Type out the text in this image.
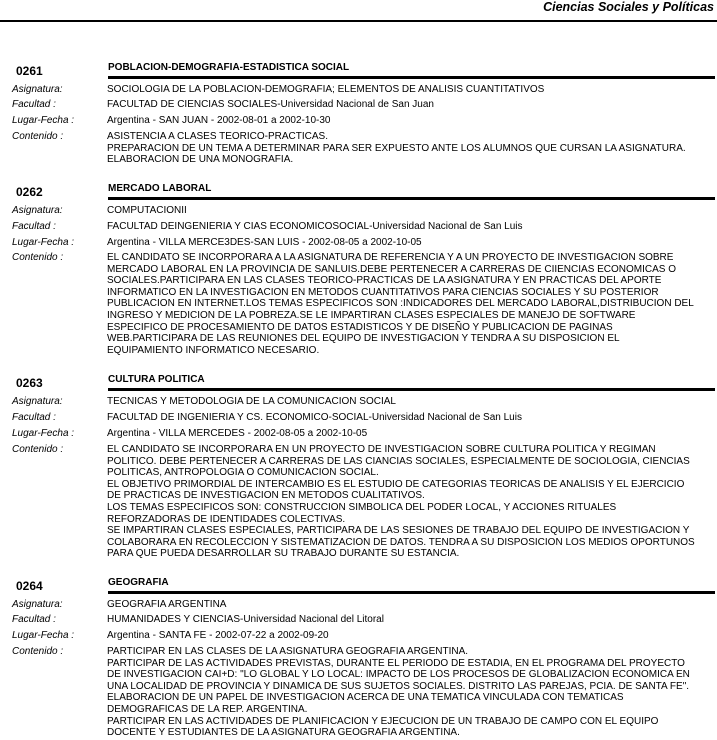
Ciencias Sociales y Políticas
0261	POBLACION-DEMOGRAFIA-ESTADISTICA SOCIAL
Asignatura:	SOCIOLOGIA DE LA POBLACION-DEMOGRAFIA; ELEMENTOS DE ANALISIS CUANTITATIVOS
Facultad :	FACULTAD DE CIENCIAS SOCIALES-Universidad Nacional de San Juan
Lugar-Fecha :	Argentina - SAN JUAN - 2002-08-01 a 2002-10-30
Contenido :	ASISTENCIA A CLASES TEORICO-PRACTICAS.
PREPARACION DE UN TEMA A DETERMINAR PARA SER EXPUESTO ANTE LOS ALUMNOS QUE CURSAN LA ASIGNATURA.
ELABORACION DE UNA MONOGRAFIA.
0262	MERCADO LABORAL
Asignatura:	COMPUTACIONII
Facultad :	FACULTAD DEINGENIERIA Y CIAS ECONOMICOSOCIAL-Universidad Nacional de San Luis
Lugar-Fecha :	Argentina - VILLA MERCE3DES-SAN LUIS - 2002-08-05 a 2002-10-05
Contenido :	EL CANDIDATO SE INCORPORARA A LA ASIGNATURA DE REFERENCIA Y A UN PROYECTO DE INVESTIGACION SOBRE
MERCADO LABORAL EN LA PROVINCIA DE SANLUIS.DEBE PERTENECER A CARRERAS DE CIIENCIAS ECONOMICAS O
SOCIALES.PARTICIPARA EN LAS CLASES TEORICO-PRACTICAS DE LA ASIGNATURA Y EN PRACTICAS DEL APORTE
INFORMATICO EN LA INVESTIGACION EN METODOS CUANTITATIVOS PARA CIENCIAS SOCIALES Y SU POSTERIOR
PUBLICACION EN INTERNET.LOS TEMAS ESPECIFICOS SON :INDICADORES DEL MERCADO LABORAL,DISTRIBUCION DEL
INGRESO Y MEDICION DE LA POBREZA.SE LE IMPARTIRAN CLASES ESPECIALES DE MANEJO DE SOFTWARE
ESPECIFICO DE PROCESAMIENTO DE DATOS ESTADISTICOS Y DE DISEÑO Y PUBLICACION DE PAGINAS
WEB.PARTICIPARA DE LAS REUNIONES DEL EQUIPO DE INVESTIGACION Y TENDRA A SU DISPOSICION EL
EQUIPAMIENTO INFORMATICO NECESARIO.
0263	CULTURA POLITICA
Asignatura:	TECNICAS Y METODOLOGIA DE LA COMUNICACION SOCIAL
Facultad :	FACULTAD DE INGENIERIA Y CS. ECONOMICO-SOCIAL-Universidad Nacional de San Luis
Lugar-Fecha :	Argentina - VILLA MERCEDES - 2002-08-05 a 2002-10-05
Contenido :	EL CANDIDATO SE INCORPORARA EN UN PROYECTO DE INVESTIGACION SOBRE CULTURA POLITICA Y REGIMAN
POLITICO. DEBE PERTENECER A CARRERAS DE LAS CIANCIAS SOCIALES, ESPECIALMENTE DE SOCIOLOGIA, CIENCIAS
POLITICAS, ANTROPOLOGIA O COMUNICACION SOCIAL.
EL OBJETIVO PRIMORDIAL DE INTERCAMBIO ES EL ESTUDIO DE CATEGORIAS TEORICAS DE ANALISIS Y EL EJERCICIO
DE PRACTICAS DE INVESTIGACION EN METODOS CUALITATIVOS.
LOS TEMAS ESPECIFICOS SON: CONSTRUCCION SIMBOLICA DEL PODER LOCAL, Y ACCIONES RITUALES
REFORZADORAS DE IDENTIDADES COLECTIVAS.
SE IMPARTIRAN CLASES ESPECIALES, PARTICIPARA DE LAS SESIONES DE TRABAJO DEL EQUIPO DE INVESTIGACION Y
COLABORARA EN RECOLECCION Y SISTEMATIZACION DE DATOS. TENDRA A SU DISPOSICION LOS MEDIOS OPORTUNOS
PARA QUE PUEDA DESARROLLAR SU TRABAJO DURANTE SU ESTANCIA.
0264	GEOGRAFIA
Asignatura:	GEOGRAFIA ARGENTINA
Facultad :	HUMANIDADES Y CIENCIAS-Universidad Nacional del Litoral
Lugar-Fecha :	Argentina - SANTA FE - 2002-07-22 a 2002-09-20
Contenido :	PARTICIPAR EN LAS CLASES DE LA ASIGNATURA GEOGRAFIA ARGENTINA.
PARTICIPAR DE LAS ACTIVIDADES PREVISTAS, DURANTE EL PERIODO DE ESTADIA, EN EL PROGRAMA DEL PROYECTO
DE INVESTIGACION CAI+D: "LO GLOBAL Y LO LOCAL: IMPACTO DE LOS PROCESOS DE GLOBALIZACION ECONOMICA EN
UNA LOCALIDAD DE PROVINCIA Y DINAMICA DE SUS SUJETOS SOCIALES. DISTRITO LAS PAREJAS, PCIA. DE SANTA FE".
ELABORACION DE UN PAPEL DE INVESTIGACION ACERCA DE UNA TEMATICA VINCULADA CON TEMATICAS
DEMOGRAFICAS DE LA REP. ARGENTINA.
PARTICIPAR EN LAS ACTIVIDADES DE PLANIFICACION Y EJECUCION DE UN TRABAJO DE CAMPO CON EL EQUIPO
DOCENTE Y ESTUDIANTES DE LA ASIGNATURA GEOGRAFIA ARGENTINA.
